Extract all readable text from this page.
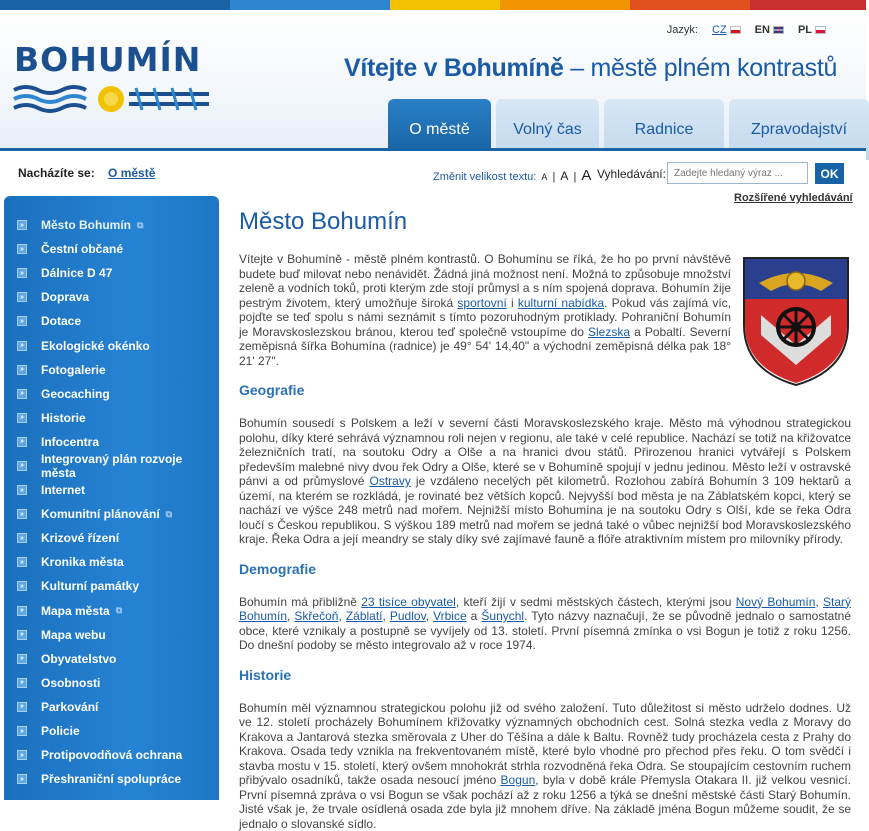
BOHUMÍN
Jazyk: CZ	EN	PL
Vítejte v Bohumíně – městě plném kontrastů
O městě	Volný čas	Radnice	Zpravodajství
Nacházíte se: O městě	Změnit velikost textu: A | A | A Vyhledávání:
Zadejte hledaný výraz ...	OK
Rozšířené vyhledávání
» Město Bohumín ⧉
» Čestní občané
» Dálnice D 47
» Doprava
» Dotace
» Ekologické okénko
» Fotogalerie
» Geocaching
» Historie
» Infocentra
» Integrovaný plán rozvoje města
» Internet
» Komunitní plánování ⧉
» Krizové řízení
» Kronika města
» Kulturní památky
» Mapa města ⧉
» Mapa webu
» Obyvatelstvo
» Osobnosti
» Parkování
» Policie
» Protipovodňová ochrana
» Přeshraniční spolupráce
Město Bohumín
Vítejte v Bohumíně - městě plném kontrastů. O Bohumínu se říká, že ho po první návštěvě budete buď milovat nebo nenávidět. Žádná jiná možnost není. Možná to způsobuje množství zeleně a vodních toků, proti kterým zde stojí průmysl a s ním spojená doprava. Bohumín žije pestrým životem, který umožňuje široká sportovní i kulturní nabídka. Pokud vás zajímá víc, pojďte se teď spolu s námi seznámit s tímto pozoruhodným protiklady. Pohraniční Bohumín je Moravskoslezskou bránou, kterou teď společně vstoupíme do Slezska a Pobaltí. Severní zeměpisná šířka Bohumína (radnice) je 49° 54' 14,40" a východní zeměpisná délka pak 18° 21' 27".
Geografie
Bohumín sousedí s Polskem a leží v severní části Moravskoslezského kraje. Město má výhodnou strategickou polohu, díky které sehrává významnou roli nejen v regionu, ale také v celé republice. Nachází se totiž na křižovatce železničních tratí, na soutoku Odry a Olše a na hranici dvou států. Přirozenou hranici vytvářejí s Polskem především malebné nivy dvou řek Odry a Olše, které se v Bohumíně spojují v jednu jedinou. Město leží v ostravské pánvi a od průmyslové Ostravy je vzdáleno necelých pět kilometrů. Rozlohou zabírá Bohumín 3 109 hektarů a území, na kterém se rozkládá, je rovinaté bez větších kopců. Nejvyšší bod města je na Záblatském kopci, který se nachází ve výšce 248 metrů nad mořem. Nejnižší místo Bohumína je na soutoku Odry s Olší, kde se řeka Odra loučí s Českou republikou. S výškou 189 metrů nad mořem se jedná také o vůbec nejnižší bod Moravskoslezského kraje. Řeka Odra a její meandry se staly díky své zajímavé fauně a flóře atraktivním místem pro milovníky přírody.
Demografie
Bohumín má přibližně 23 tisíce obyvatel, kteří žijí v sedmi městských částech, kterými jsou Nový Bohumín, Starý Bohumín, Skřečoň, Záblatí, Pudlov, Vrbice a Šunychl. Tyto názvy naznačují, že se původně jednalo o samostatné obce, které vznikaly a postupně se vyvíjely od 13. století. První písemná zmínka o vsi Bogun je totiž z roku 1256. Do dnešní podoby se město integrovalo až v roce 1974.
Historie
Bohumín měl významnou strategickou polohu již od svého založení. Tuto důležitost si město udrželo dodnes. Už ve 12. století procházely Bohumínem křižovatky významných obchodních cest. Solná stezka vedla z Moravy do Krakova a Jantarová stezka směrovala z Uher do Těšína a dále k Baltu. Rovněž tudy procházela cesta z Prahy do Krakova. Osada tedy vznikla na frekventovaném místě, které bylo vhodné pro přechod přes řeku. O tom svědčí i stavba mostu v 15. století, který ovšem mnohokrát strhla rozvodněná řeka Odra. Se stoupajícím cestovním ruchem přibývalo osadníků, takže osada nesoucí jméno Bogun, byla v době krále Přemysla Otakara II. již velkou vesnicí. První písemná zpráva o vsi Bogun se však pochází až z roku 1256 a týká se dnešní městské části Starý Bohumín. Jisté však je, že trvale osídlená osada zde byla již mnohem dříve. Na základě jména Bogun můžeme soudit, že se jednalo o slovanské sídlo.
